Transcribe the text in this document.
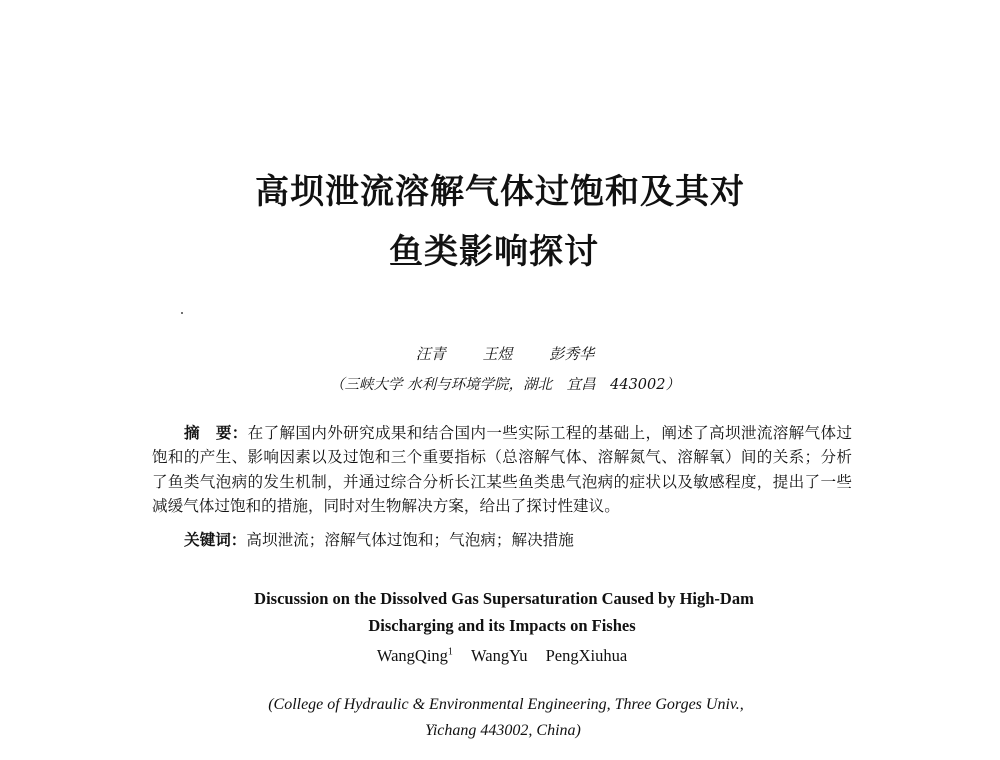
高坝泄流溶解气体过饱和及其对
鱼类影响探讨
汪青 王煜 彭秀华
（三峡大学 水利与环境学院，湖北　宜昌　443002）

摘　要：在了解国内外研究成果和结合国内一些实际工程的基础上，阐述了高坝泄流溶解气体过饱和的产生、影响因素以及过饱和三个重要指标（总溶解气体、溶解氮气、溶解氧）间的关系；分析了鱼类气泡病的发生机制，并通过综合分析长江某些鱼类患气泡病的症状以及敏感程度，提出了一些减缓气体过饱和的措施，同时对生物解决方案，给出了探讨性建议。

关键词：高坝泄流；溶解气体过饱和；气泡病；解决措施

Discussion on the Dissolved Gas Supersaturation Caused by High-Dam
Discharging and its Impacts on Fishes
WangQing$^1$ WangYu PengXiuhua
(College of Hydraulic & Environmental Engineering, Three Gorges Univ.,
Yichang 443002, China)
